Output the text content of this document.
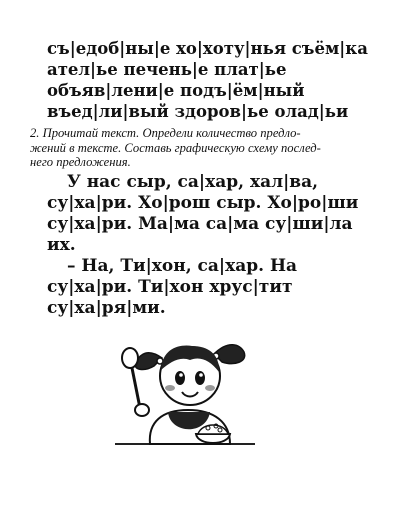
съ|едоб|ны|е хо|хоту|нья съём|ка
ател|ье печень|е плат|ье
объяв|лени|е подъ|ём|ный
въед|ли|вый здоров|ье олад|ьи
2. Прочитай текст. Определи количество предло-
жений в тексте. Составь графическую схему послед-
него предложения.
У нас сыр, са|хар, хал|ва,
су|ха|ри. Хо|рош сыр. Хо|ро|ши
су|ха|ри. Ма|ма са|ма су|ши|ла
их.
– На, Ти|хон, са|хар. На
су|ха|ри. Ти|хон хрус|тит
су|ха|ря|ми.
